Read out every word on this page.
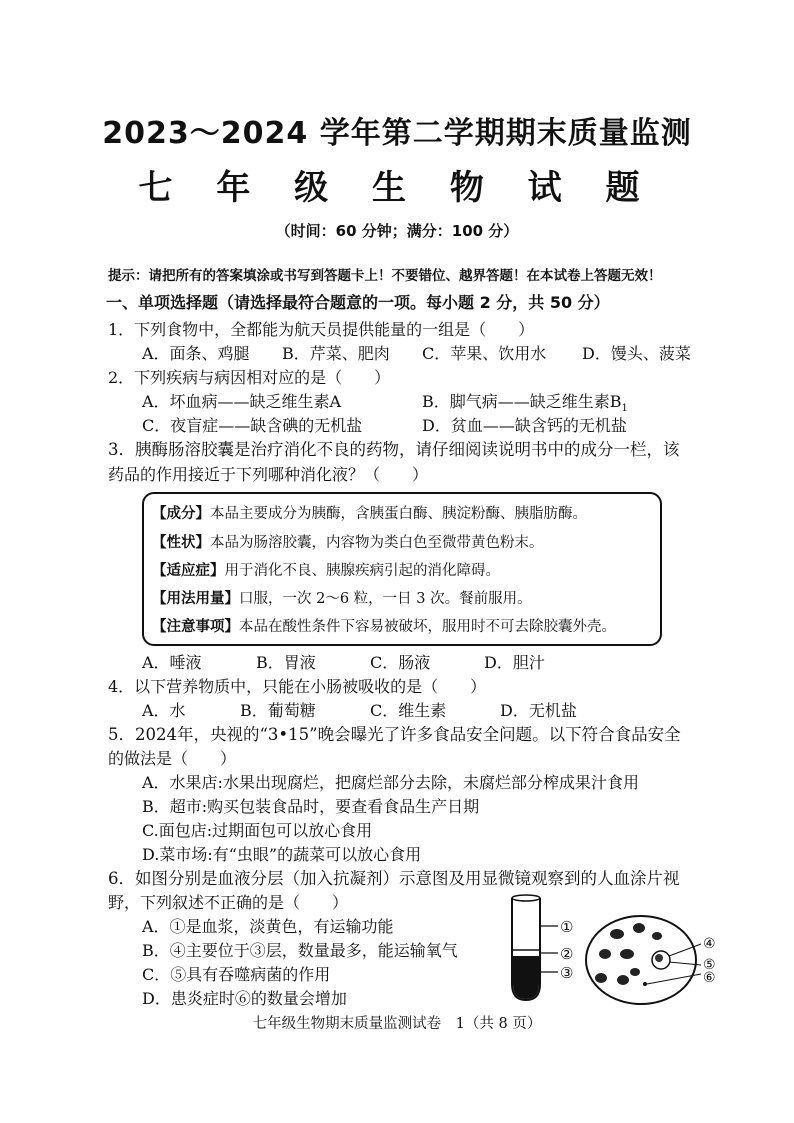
2023～2024 学年第二学期期末质量监测
七 年 级 生 物 试 题
（时间：60 分钟；满分：100 分）
提示：请把所有的答案填涂或书写到答题卡上！不要错位、越界答题！在本试卷上答题无效！
一、单项选择题（请选择最符合题意的一项。每小题 2 分，共 50 分）
1．下列食物中，全都能为航天员提供能量的一组是（　　）
A．面条、鸡腿 B．芹菜、肥肉 C．苹果、饮用水 D．馒头、菠菜
2．下列疾病与病因相对应的是（　　）
A．坏血病——缺乏维生素A	B．脚气病——缺乏维生素$B_1$
C．夜盲症——缺含碘的无机盐	D．贫血——缺含钙的无机盐
3．胰酶肠溶胶囊是治疗消化不良的药物，请仔细阅读说明书中的成分一栏，该
药品的作用接近于下列哪种消化液？（　　）
【成分】本品主要成分为胰酶，含胰蛋白酶、胰淀粉酶、胰脂肪酶。
【性状】本品为肠溶胶囊，内容物为类白色至微带黄色粉末。
【适应症】用于消化不良、胰腺疾病引起的消化障碍。
【用法用量】口服，一次 2～6 粒，一日 3 次。餐前服用。
【注意事项】本品在酸性条件下容易被破坏，服用时不可去除胶囊外壳。
A．唾液	B．胃液	C．肠液	D．胆汁
4．以下营养物质中，只能在小肠被吸收的是（　　）
A．水	B．葡萄糖	C．维生素	D．无机盐
5．2024年，央视的“3•15”晚会曝光了许多食品安全问题。以下符合食品安全
的做法是（　　）
A．水果店:水果出现腐烂，把腐烂部分去除，未腐烂部分榨成果汁食用
B．超市:购买包装食品时，要查看食品生产日期
C.面包店:过期面包可以放心食用
D.菜市场:有“虫眼”的蔬菜可以放心食用
6．如图分别是血液分层（加入抗凝剂）示意图及用显微镜观察到的人血涂片视
野，下列叙述不正确的是（　　）
A．①是血浆，淡黄色，有运输功能
B．④主要位于③层，数量最多，能运输氧气
C．⑤具有吞噬病菌的作用
D．患炎症时⑥的数量会增加
①
②
③
④
⑤
⑥
七年级生物期末质量监测试卷　1（共 8 页）
